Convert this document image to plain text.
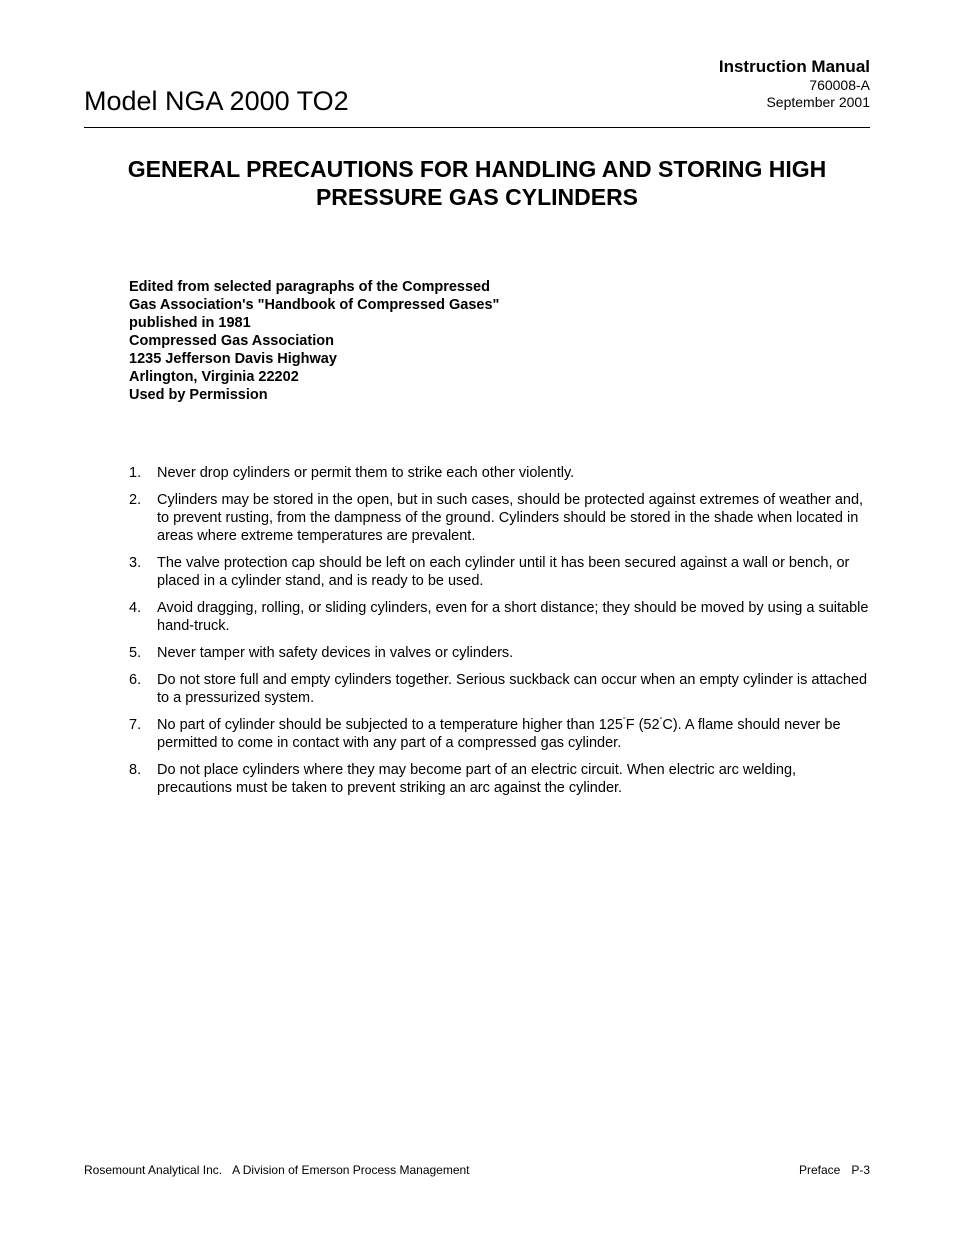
Model NGA 2000 TO2
Instruction Manual
760008-A
September 2001
GENERAL PRECAUTIONS FOR HANDLING AND STORING HIGH
PRESSURE GAS CYLINDERS
Edited from selected paragraphs of the Compressed
Gas Association's "Handbook of Compressed Gases"
published in 1981
Compressed Gas Association
1235 Jefferson Davis Highway
Arlington, Virginia 22202
Used by Permission
1. Never drop cylinders or permit them to strike each other violently.
2. Cylinders may be stored in the open, but in such cases, should be protected against extremes of weather and, to prevent rusting, from the dampness of the ground. Cylinders should be stored in the shade when located in areas where extreme temperatures are prevalent.
3. The valve protection cap should be left on each cylinder until it has been secured against a wall or bench, or placed in a cylinder stand, and is ready to be used.
4. Avoid dragging, rolling, or sliding cylinders, even for a short distance; they should be moved by using a suitable hand-truck.
5. Never tamper with safety devices in valves or cylinders.
6. Do not store full and empty cylinders together. Serious suckback can occur when an empty cylinder is attached to a pressurized system.
7. No part of cylinder should be subjected to a temperature higher than 125°F (52°C). A flame should never be permitted to come in contact with any part of a compressed gas cylinder.
8. Do not place cylinders where they may become part of an electric circuit. When electric arc welding, precautions must be taken to prevent striking an arc against the cylinder.
Rosemount Analytical Inc. A Division of Emerson Process Management	Preface P-3
